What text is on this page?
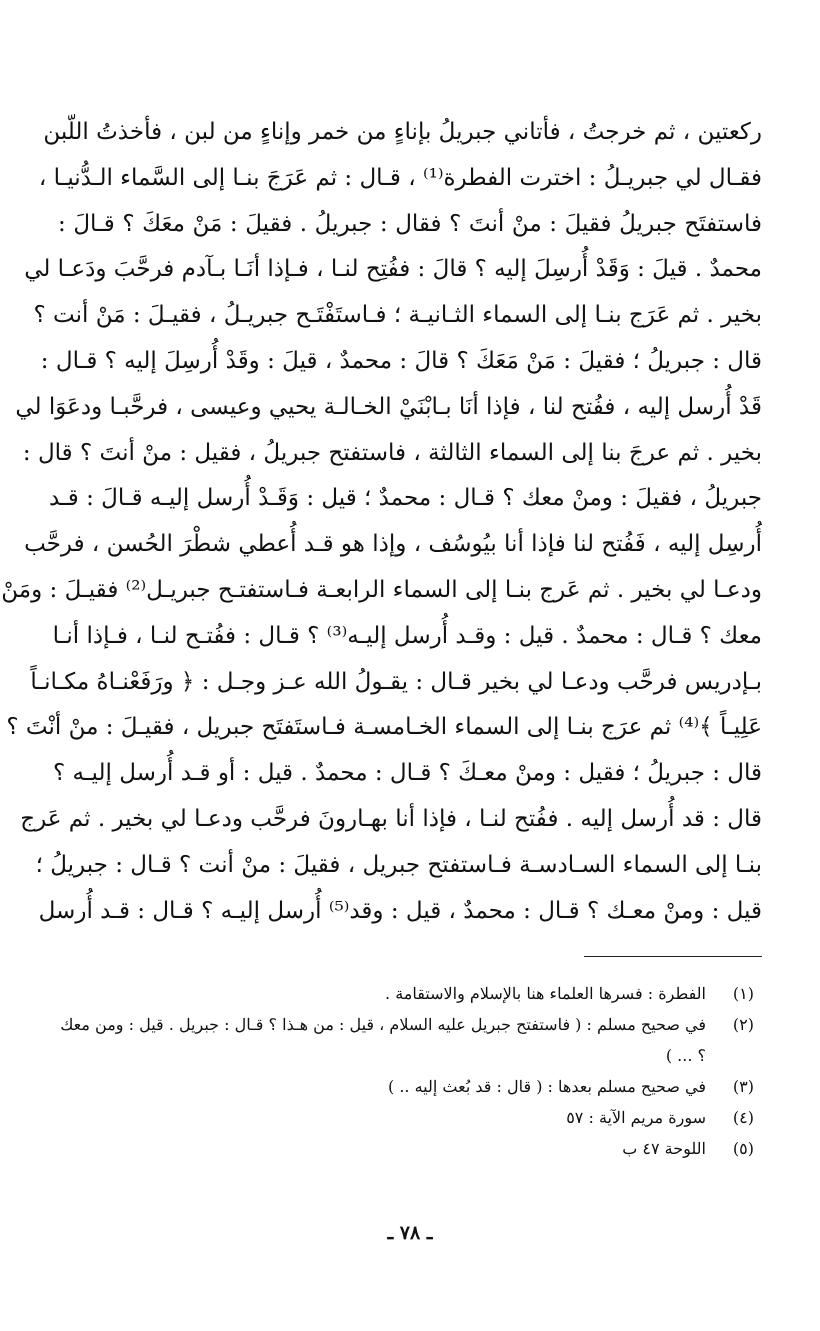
ركعتين ، ثم خرجتُ ، فأتاني جبريلُ بإناءٍ من خمر وإناءٍ من لبن ، فأخذتُ اللّبن
فقـال لي جبريـلُ : اخترت الفطرة⁽¹⁾ ، قـال : ثم عَرَجَ بنـا إلى السَّماء الـدُّنيـا ،
فاستفتَح جبريلُ فقيلَ : منْ أنتَ ؟ فقال : جبريلُ . فقيلَ : مَنْ معَكَ ؟ قـالَ :
محمدٌ . قيلَ : وَقَدْ أُرسِلَ إليه ؟ قالَ : ففُتِح لنـا ، فـإذا أنَـا بـآدم فرحَّبَ ودَعـا لي
بخير . ثم عَرَج بنـا إلى السماء الثـانيـة ؛ فـاستَفْتَـح جبريـلُ ، فقيـلَ : مَنْ أنت ؟
قال : جبريلُ ؛ فقيلَ : مَنْ مَعَكَ ؟ قالَ : محمدٌ ، قيلَ : وقَدْ أُرسِلَ إليه ؟ قـال :
قَدْ أُرسل إليه ، ففُتح لنا ، فإذا أنَا بـابْنَيْ الخـالـة يحيي وعيسى ، فرحَّبـا ودعَوَا لي
بخير . ثم عرجَ بنا إلى السماء الثالثة ، فاستفتح جبريلُ ، فقيل : منْ أنتَ ؟ قال :
جبريلُ ، فقيلَ : ومنْ معك ؟ قـال : محمدٌ ؛ قيل : وَقَـدْ أُرسل إليـه قـالَ : قـد
أُرسِل إليه ، فَفُتح لنا فإذا أنا بيُوسُف ، وإذا هو قـد أُعطي شطْرَ الحُسن ، فرحَّب
ودعـا لي بخير . ثم عَرج بنـا إلى السماء الرابعـة فـاستفتـح جبريـل⁽²⁾ فقيـلَ : ومَنْ
معك ؟ قـال : محمدٌ . قيل : وقـد أُرسل إليـه⁽³⁾ ؟ قـال : ففُتـح لنـا ، فـإذا أنـا
بـإدريس فرحَّب ودعـا لي بخير قـال : يقـولُ الله عـز وجـل : ﴿ ورَفَعْنـاهُ مكـانـاً
عَلِيـاً ﴾⁽⁴⁾ ثم عرَج بنـا إلى السماء الخـامسـة فـاستَفتَح جبريل ، فقيـلَ : منْ أنْتَ ؟
قال : جبريلُ ؛ فقيل : ومنْ معـكَ ؟ قـال : محمدٌ . قيل : أو قـد أُرسل إليـه ؟
قال : قد أُرسل إليه . ففُتح لنـا ، فإذا أنا بهـارونَ فرحَّب ودعـا لي بخير . ثم عَرج
بنـا إلى السماء السـادسـة فـاستفتح جبريل ، فقيلَ : منْ أنت ؟ قـال : جبريلُ ؛
قيل : ومنْ معـك ؟ قـال : محمدٌ ، قيل : وقد⁽⁵⁾ أُرسل إليـه ؟ قـال : قـد أُرسل
(١)
الفطرة : فسرها العلماء هنا بالإسلام والاستقامة .
(٢)
في صحيح مسلم : ( فاستفتح جبريل عليه السلام ، قيل : من هـذا ؟ قـال : جبريل . قيل : ومن معك ؟ ... )
(٣)
في صحيح مسلم بعدها : ( قال : قد بُعث إليه .. )
(٤)
سورة مريم الآية : ٥٧
(٥)
اللوحة ٤٧ ب
ـ ٧٨ ـ
